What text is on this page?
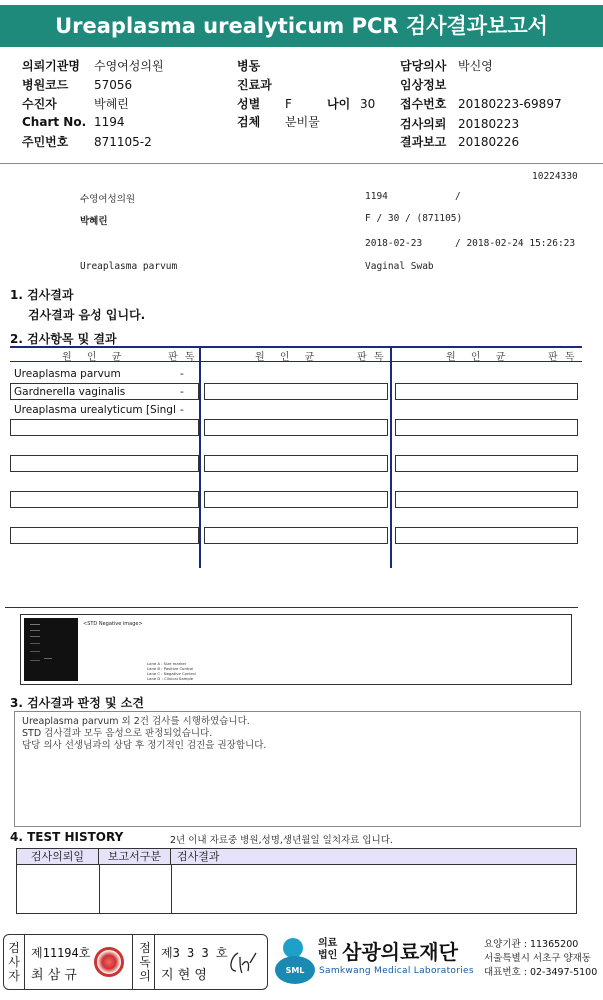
Ureaplasma urealyticum PCR 검사결과보고서
의뢰기관명 수영여성의원
병원코드 57056
수진자	박혜린
Chart No. 1194
주민번호 871105-2
병동
진료과
성별 F	나이 30
검체 분비물
담당의사 박신영
임상정보
접수번호 20180223-69897
검사의뢰 20180223
결과보고 20180226
10224330
수영여성의원	1194	/
박혜린	F / 30 / (871105)
2018-02-23	/ 2018-02-24 15:26:23
Ureaplasma parvum	Vaginal Swab
1. 검사결과
검사결과 음성 입니다.
2. 검사항목 및 결과
원 인 균	판 독	원 인 균	판 독	원 인 균	판 독
Ureaplasma parvum	-
Gardnerella vaginalis	-
Ureaplasma urealyticum [Singl -
<STD Negative image>
Lane A : Size marker
Lane B : Positive Control
Lane C : Negative Control
Lane D : Clinical Sample
3. 검사결과 판정 및 소견
Ureaplasma parvum 외 2건 검사를 시행하였습니다.
STD 검사결과 모두 음성으로 판정되었습니다.
담당 의사 선생님과의 상담 후 정기적인 검진을 권장합니다.
4. TEST HISTORY	2년 이내 자료중 병원,성명,생년월일 일치자료 입니다.
검사의뢰일	보고서구분	검사결과
검
사
자
제11194호
최 삼 규
점
독
의
제3 3 3 호
지 현 영	SML
의료
법인 삼광의료재단
Samkwang Medical Laboratories
요양기관 : 11365200
서울특별시 서초구 양재동
대표번호 : 02-3497-5100
